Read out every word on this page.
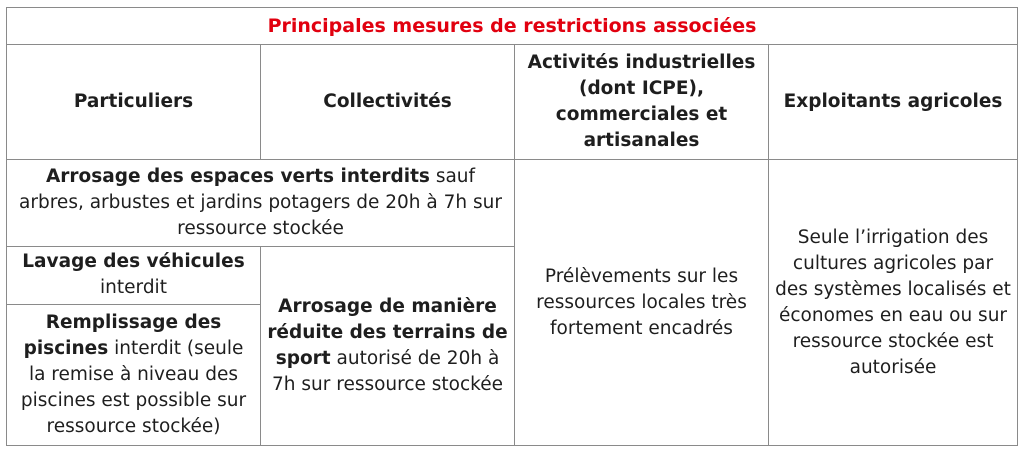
Principales mesures de restrictions associées			
Particuliers	Collectivités	Activités industrielles (dont ICPE), commerciales et artisanales	Exploitants agricoles
Arrosage des espaces verts interdits sauf arbres, arbustes et jardins potagers de 20h à 7h sur ressource stockée		Prélèvements sur les ressources locales très fortement encadrés	Seule l’irrigation des cultures agricoles par des systèmes localisés et économes en eau ou sur ressource stockée est autorisée
Lavage des véhicules interdit	Arrosage de manière réduite des terrains de sport autorisé de 20h à 7h sur ressource stockée		
Remplissage des piscines interdit (seule la remise à niveau des piscines est possible sur ressource stockée)			
